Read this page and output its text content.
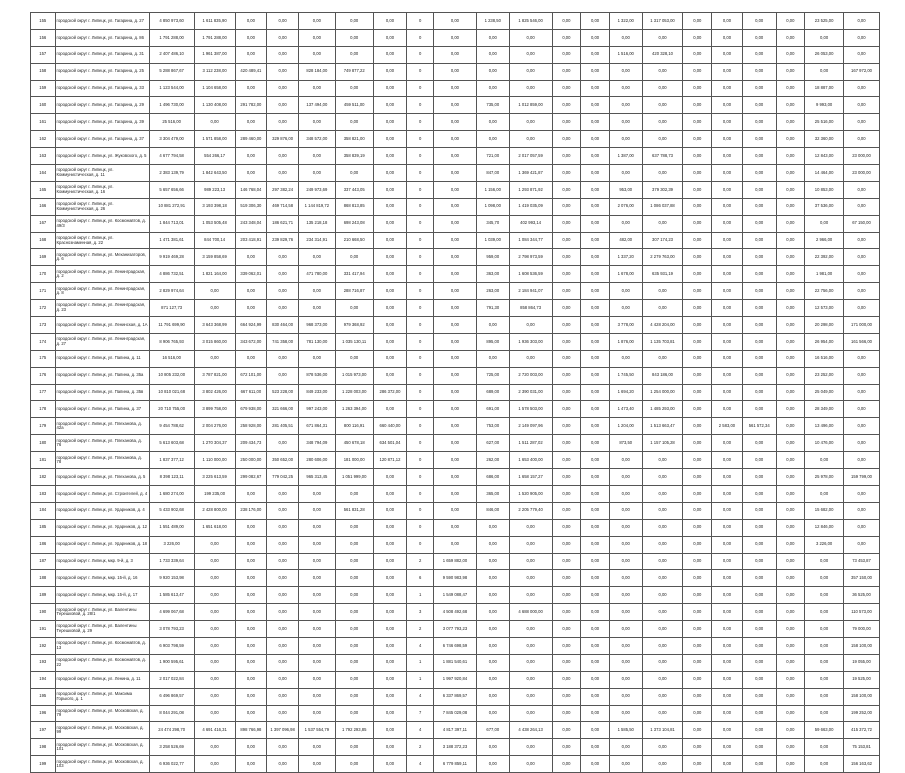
155	городской округ г. Липецк, ул. Гагарина, д. 27	4 850 973,60	1 611 835,90	0,00	0,00	0,00	0,00	0,00	0	0,00	1 238,50	1 825 546,00	0,00	0,00	1 322,00	1 317 053,00	0,00	0,00	0,00	0,00	23 525,00	0,00
156	городской округ г. Липецк, ул. Гагарина, д. 86	1 791 288,00	1 791 288,00	0,00	0,00	0,00	0,00	0,00	0	0,00	0,00	0,00	0,00	0,00	0,00	0,00	0,00	0,00	0,00	0,00	0,00	0,00
157	городской округ г. Липецк, ул. Гагарина, д. 31	2 407 486,10	1 961 387,00	0,00	0,00	0,00	0,00	0,00	0	0,00	0,00	0,00	0,00	0,00	1 516,00	420 328,10	0,00	0,00	0,00	0,00	26 053,00	0,00
158	городской округ г. Липецк, ул. Гагарина, д. 25	5 288 867,67	3 112 238,00	420 489,41	0,00	828 184,00	749 877,22	0,00	0	0,00	0,00	0,00	0,00	0,00	0,00	0,00	0,00	0,00	0,00	0,00	0,00	167 972,00
159	городской округ г. Липецк, ул. Гагарина, д. 33	1 123 544,00	1 104 658,00	0,00	0,00	0,00	0,00	0,00	0	0,00	0,00	0,00	0,00	0,00	0,00	0,00	0,00	0,00	0,00	0,00	18 887,00	0,00
160	городской округ г. Липецк, ул. Гагарина, д. 29	1 496 730,00	1 130 408,00	291 782,00	0,00	137 494,00	459 511,00	0,00	0	0,00	735,00	1 012 859,00	0,00	0,00	0,00	0,00	0,00	0,00	0,00	0,00	9 993,00	0,00
161	городской округ г. Липецк, ул. Гагарина, д. 39	25 516,00	0,00	0,00	0,00	0,00	0,00	0,00	0	0,00	0,00	0,00	0,00	0,00	0,00	0,00	0,00	0,00	0,00	0,00	25 516,00	0,00
162	городской округ г. Липецк, ул. Гагарина, д. 37	3 304 479,00	1 571 858,00	289 460,00	329 876,00	348 572,00	358 821,00	0,00	0	0,00	0,00	0,00	0,00	0,00	0,00	0,00	0,00	0,00	0,00	0,00	32 360,00	0,00
163	городской округ г. Липецк, ул. Жуковского, д. 5	4 677 794,58	554 266,17	0,00	0,00	0,00	358 839,19	0,00	0	0,00	721,00	2 017 057,59	0,00	0,00	1 387,00	637 788,73	0,00	0,00	0,00	0,00	12 843,00	23 000,00
164	городской округ г. Липецк, ул. Коммунистическая, д. 11	2 383 139,79	1 842 643,50	0,00	0,00	0,00	0,00	0,00	0	0,00	847,00	1 369 421,87	0,00	0,00	0,00	0,00	0,00	0,00	0,00	0,00	14 464,00	23 000,00
165	городской округ г. Липецк, ул. Коммунистическая, д. 16	5 657 656,66	989 223,13	146 768,04	297 382,24	249 973,69	337 443,05	0,00	0	0,00	1 156,00	1 293 871,92	0,00	0,00	953,00	379 302,39	0,00	0,00	0,00	0,00	10 853,00	0,00
166	городской округ г. Липецк, ул. Коммунистическая, д. 26	10 881 272,91	3 193 398,18	519 306,30	469 714,58	1 144 819,72	868 813,85	0,00	0	0,00	1 098,00	1 419 035,09	0,00	0,00	2 076,00	1 086 037,88	0,00	0,00	0,00	0,00	37 536,00	0,00
167	городской округ г. Липецк, ул. Космонавтов, д. 49/3	1 844 713,01	1 053 505,48	243 348,04	186 621,71	135 218,18	698 243,08	0,00	0	0,00	345,70	402 993,14	0,00	0,00	0,00	0,00	0,00	0,00	0,00	0,00	0,00	67 150,00
168	городской округ г. Липецк, ул. Краснознаменная, д. 22	1 471 381,61	844 700,14	203 418,91	239 829,76	234 314,91	210 668,50	0,00	0	0,00	1 039,00	1 084 344,77	0,00	0,00	482,00	307 174,23	0,00	0,00	0,00	0,00	2 966,00	0,00
169	городской округ г. Липецк, ул. Механизаторов, д. 6	9 919 469,28	3 159 858,69	0,00	0,00	0,00	0,00	0,00	0	0,00	959,00	2 798 973,59	0,00	0,00	1 337,20	2 279 763,00	0,00	0,00	0,00	0,00	22 392,00	0,00
170	городской округ г. Липецк, ул. Ленинградская, д. 2	4 886 732,51	1 821 164,00	339 062,01	0,00	471 780,00	331 417,94	0,00	0	0,00	363,00	1 608 536,59	0,00	0,00	1 678,00	635 931,19	0,00	0,00	0,00	0,00	1 981,00	0,00
171	городской округ г. Липецк, ул. Ленинградская, д. 8	2 829 974,64	0,00	0,00	0,00	0,00	288 716,87	0,00	0	0,00	263,00	2 184 941,07	0,00	0,00	0,00	0,00	0,00	0,00	0,00	0,00	22 756,00	0,00
172	городской округ г. Липецк, ул. Ленинградская, д. 23	871 127,73	0,00	0,00	0,00	0,00	0,00	0,00	0	0,00	791,30	858 864,73	0,00	0,00	0,00	0,00	0,00	0,00	0,00	0,00	12 573,00	0,00
173	городской округ г. Липецк, ул. Ленинская, д. 1А	11 791 699,90	3 643 368,99	664 924,99	830 464,00	968 373,00	979 368,92	0,00	0	0,00	0,00	0,00	0,00	0,00	3 778,00	4 428 204,00	0,00	0,00	0,00	0,00	20 298,00	171 000,00
174	городской округ г. Липецк, ул. Ленинградская, д. 27	8 906 765,93	3 015 860,00	343 672,00	741 358,00	781 130,00	1 035 130,11	0,00	0	0,00	895,00	1 936 303,00	0,00	0,00	1 876,00	1 135 703,81	0,00	0,00	0,00	0,00	26 954,00	161 566,00
175	городской округ г. Липецк, ул. Папина, д. 11	16 516,00	0,00	0,00	0,00	0,00	0,00	0,00	0	0,00	0,00	0,00	0,00	0,00	0,00	0,00	0,00	0,00	0,00	0,00	16 516,00	0,00
176	городской округ г. Липецк, ул. Папина, д. 35а	10 805 232,00	3 787 821,00	672 101,00	0,00	878 536,00	1 015 973,00	0,00	0	0,00	725,00	2 720 003,00	0,00	0,00	1 745,50	843 186,00	0,00	0,00	0,00	0,00	23 252,00	0,00
177	городской округ г. Липецк, ул. Папина, д. 35в	10 810 021,68	3 802 426,00	667 611,00	523 228,00	849 233,00	1 228 003,00	286 372,00	0	0,00	689,00	2 390 031,00	0,00	0,00	1 694,20	1 254 000,00	0,00	0,00	0,00	0,00	25 049,00	0,00
178	городской округ г. Липецк, ул. Папина, д. 37	20 710 755,00	3 899 758,00	679 938,00	321 666,00	997 243,00	1 263 394,00	0,00	0	0,00	691,00	1 578 503,00	0,00	0,00	1 473,40	1 485 293,00	0,00	0,00	0,00	0,00	28 349,00	0,00
179	городской округ г. Липецк, ул. Плеханова, д. 42а	9 454 788,62	2 004 276,00	258 928,00	281 405,51	671 864,31	800 116,91	660 440,00	0	0,00	753,00	2 149 097,96	0,00	0,00	1 204,00	1 513 663,47	0,00	2 583,00	561 572,34	0,00	13 496,00	0,00
180	городской округ г. Липецк, ул. Плеханова, д. 76	5 613 603,68	1 270 304,37	209 434,73	0,00	348 794,09	450 678,18	634 501,04	0	0,00	627,00	1 511 287,02	0,00	0,00	873,50	1 157 105,28	0,00	0,00	0,00	0,00	10 476,00	0,00
181	городской округ г. Липецк, ул. Плеханова, д. 78	1 837 377,12	1 110 000,00	250 000,00	350 652,00	280 606,00	181 000,00	120 871,12	0	0,00	262,00	1 653 400,00	0,00	0,00	0,00	0,00	0,00	0,00	0,00	0,00	0,00	0,00
182	городской округ г. Липецк, ул. Плеханова, д. 5	8 398 123,11	3 225 613,59	299 082,67	779 042,25	965 313,45	1 051 999,00	0,00	0	0,00	686,00	1 658 157,27	0,00	0,00	0,00	0,00	0,00	0,00	0,00	0,00	25 978,00	159 799,00
183	городской округ г. Липецк, ул. Строителей, д. 4	1 680 274,00	199 235,00	0,00	0,00	0,00	0,00	0,00	0	0,00	365,00	1 520 905,00	0,00	0,00	0,00	0,00	0,00	0,00	0,00	0,00	0,00	0,00
184	городской округ г. Липецк, ул. Ударников, д. 4	5 433 902,68	2 428 800,00	238 176,00	0,00	0,00	561 831,28	0,00	0	0,00	846,00	2 205 779,40	0,00	0,00	0,00	0,00	0,00	0,00	0,00	0,00	15 682,00	0,00
185	городской округ г. Липецк, ул. Ударников, д. 12	1 551 489,00	1 651 618,00	0,00	0,00	0,00	0,00	0,00	0	0,00	0,00	0,00	0,00	0,00	0,00	0,00	0,00	0,00	0,00	0,00	12 846,00	0,00
186	городской округ г. Липецк, ул. Ударников, д. 18	3 226,00	0,00	0,00	0,00	0,00	0,00	0,00	0	0,00	0,00	0,00	0,00	0,00	0,00	0,00	0,00	0,00	0,00	0,00	3 226,00	0,00
187	городской округ г. Липецк, мкр. 9-й, д. 3	1 733 339,64	0,00	0,00	0,00	0,00	0,00	0,00	2	1 659 882,00	0,00	0,00	0,00	0,00	0,00	0,00	0,00	0,00	0,00	0,00	0,00	73 453,87
188	городской округ г. Липецк, мкр. 15-й, д. 16	9 920 153,98	0,00	0,00	0,00	0,00	0,00	0,00	6	9 590 983,98	0,00	0,00	0,00	0,00	0,00	0,00	0,00	0,00	0,00	0,00	0,00	357 150,00
189	городской округ г. Липецк, мкр. 15-й, д. 17	1 585 613,47	0,00	0,00	0,00	0,00	0,00	0,00	1	1 549 088,47	0,00	0,00	0,00	0,00	0,00	0,00	0,00	0,00	0,00	0,00	0,00	36 525,00
190	городской округ г. Липецк, ул. Валентины Терешковой, д. 28/1	4 699 067,68	0,00	0,00	0,00	0,00	0,00	0,00	3	4 508 492,68	0,00	4 688 000,00	0,00	0,00	0,00	0,00	0,00	0,00	0,00	0,00	0,00	110 573,00
191	городской округ г. Липецк, ул. Валентины Терешковой, д. 29	3 078 793,23	0,00	0,00	0,00	0,00	0,00	0,00	2	3 077 793,23	0,00	0,00	0,00	0,00	0,00	0,00	0,00	0,00	0,00	0,00	0,00	79 000,00
192	городской округ г. Липецк, ул. Космонавтов, д. 13	6 903 798,59	0,00	0,00	0,00	0,00	0,00	0,00	4	6 746 698,59	0,00	0,00	0,00	0,00	0,00	0,00	0,00	0,00	0,00	0,00	0,00	158 100,00
193	городской округ г. Липецк, ул. Космонавтов, д. 22	1 900 595,61	0,00	0,00	0,00	0,00	0,00	0,00	1	1 881 540,61	0,00	0,00	0,00	0,00	0,00	0,00	0,00	0,00	0,00	0,00	0,00	19 055,00
194	городской округ г. Липецк, ул. Ленина, д. 11	2 017 022,84	0,00	0,00	0,00	0,00	0,00	0,00	1	1 997 920,84	0,00	0,00	0,00	0,00	0,00	0,00	0,00	0,00	0,00	0,00	0,00	19 525,00
195	городской округ г. Липецк, ул. Максима Горького, д. 1	6 496 869,57	0,00	0,00	0,00	0,00	0,00	0,00	4	6 337 869,57	0,00	0,00	0,00	0,00	0,00	0,00	0,00	0,00	0,00	0,00	0,00	158 100,00
196	городской округ г. Липецк, ул. Московская, д. 79	8 044 291,08	0,00	0,00	0,00	0,00	0,00	0,00	7	7 845 029,08	0,00	0,00	0,00	0,00	0,00	0,00	0,00	0,00	0,00	0,00	0,00	199 252,00
197	городской округ г. Липецк, ул. Московская, д. 99	24 474 298,70	4 691 416,31	898 766,98	1 397 096,98	1 537 554,79	1 792 293,85	0,00	4	4 817 397,11	677,00	4 438 264,13	0,00	0,00	1 585,50	1 373 104,81	0,00	0,00	0,00	0,00	59 663,00	415 372,72
198	городской округ г. Липецк, ул. Московская, д. 101	3 258 526,69	0,00	0,00	0,00	0,00	0,00	0,00	2	3 188 372,23	0,00	0,00	0,00	0,00	0,00	0,00	0,00	0,00	0,00	0,00	0,00	75 153,81
199	городской округ г. Липецк, ул. Московская, д. 103	6 936 022,77	0,00	0,00	0,00	0,00	0,00	0,00	4	6 779 859,11	0,00	0,00	0,00	0,00	0,00	0,00	0,00	0,00	0,00	0,00	0,00	156 163,62
